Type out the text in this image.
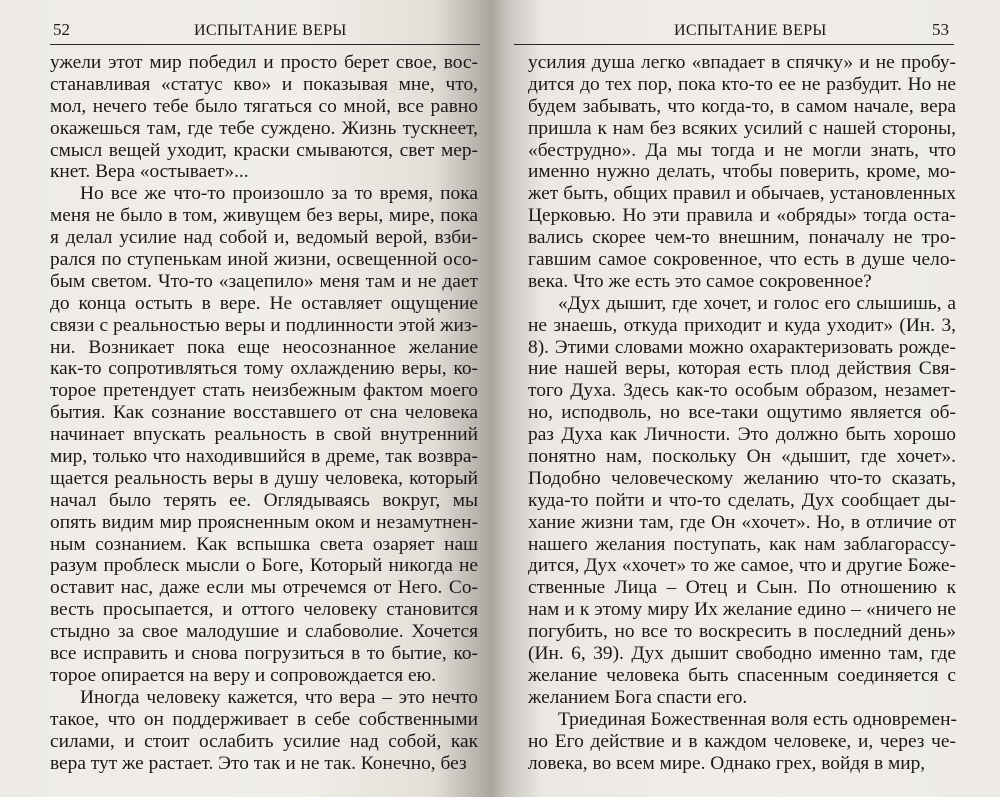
52	ИСПЫТАНИЕ ВЕРЫ
ужели этот мир победил и просто берет свое, вос-
станавливая «статус кво» и показывая мне, что,
мол, нечего тебе было тягаться со мной, все равно
окажешься там, где тебе суждено. Жизнь тускнеет,
смысл вещей уходит, краски смываются, свет мер-
кнет. Вера «остывает»...
Но все же что-то произошло за то время, пока
меня не было в том, живущем без веры, мире, пока
я делал усилие над собой и, ведомый верой, взби-
рался по ступенькам иной жизни, освещенной осо-
бым светом. Что-то «зацепило» меня там и не дает
до конца остыть в вере. Не оставляет ощущение
связи с реальностью веры и подлинности этой жиз-
ни. Возникает пока еще неосознанное желание
как-то сопротивляться тому охлаждению веры, ко-
торое претендует стать неизбежным фактом моего
бытия. Как сознание восставшего от сна человека
начинает впускать реальность в свой внутренний
мир, только что находившийся в дреме, так возвра-
щается реальность веры в душу человека, который
начал было терять ее. Оглядываясь вокруг, мы
опять видим мир проясненным оком и незамутнен-
ным сознанием. Как вспышка света озаряет наш
разум проблеск мысли о Боге, Который никогда не
оставит нас, даже если мы отречемся от Него. Со-
весть просыпается, и оттого человеку становится
стыдно за свое малодушие и слабоволие. Хочется
все исправить и снова погрузиться в то бытие, ко-
торое опирается на веру и сопровождается ею.
Иногда человеку кажется, что вера – это нечто
такое, что он поддерживает в себе собственными
силами, и стоит ослабить усилие над собой, как
вера тут же растает. Это так и не так. Конечно, без
ИСПЫТАНИЕ ВЕРЫ	53
усилия душа легко «впадает в спячку» и не пробу-
дится до тех пор, пока кто-то ее не разбудит. Но не
будем забывать, что когда-то, в самом начале, вера
пришла к нам без всяких усилий с нашей стороны,
«беструдно». Да мы тогда и не могли знать, что
именно нужно делать, чтобы поверить, кроме, мо-
жет быть, общих правил и обычаев, установленных
Церковью. Но эти правила и «обряды» тогда оста-
вались скорее чем-то внешним, поначалу не тро-
гавшим самое сокровенное, что есть в душе чело-
века. Что же есть это самое сокровенное?
«Дух дышит, где хочет, и голос его слышишь, а
не знаешь, откуда приходит и куда уходит» (Ин. 3,
8). Этими словами можно охарактеризовать рожде-
ние нашей веры, которая есть плод действия Свя-
того Духа. Здесь как-то особым образом, незамет-
но, исподволь, но все-таки ощутимо является об-
раз Духа как Личности. Это должно быть хорошо
понятно нам, поскольку Он «дышит, где хочет».
Подобно человеческому желанию что-то сказать,
куда-то пойти и что-то сделать, Дух сообщает ды-
хание жизни там, где Он «хочет». Но, в отличие от
нашего желания поступать, как нам заблагорассу-
дится, Дух «хочет» то же самое, что и другие Боже-
ственные Лица – Отец и Сын. По отношению к
нам и к этому миру Их желание едино – «ничего не
погубить, но все то воскресить в последний день»
(Ин. 6, 39). Дух дышит свободно именно там, где
желание человека быть спасенным соединяется с
желанием Бога спасти его.
Триединая Божественная воля есть одновремен-
но Его действие и в каждом человеке, и, через че-
ловека, во всем мире. Однако грех, войдя в мир,
